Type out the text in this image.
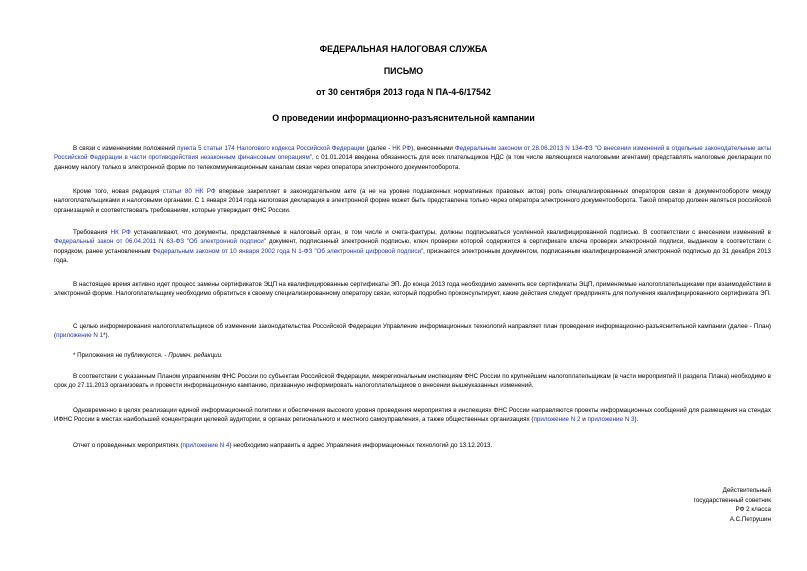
ФЕДЕРАЛЬНАЯ НАЛОГОВАЯ СЛУЖБА
ПИСЬМО
от 30 сентября 2013 года N ПА-4-6/17542
О проведении информационно-разъяснительной кампании

В связи с изменениями положений пункта 5 статьи 174 Налогового кодекса Российской Федерации (далее - НК РФ), внесенными Федеральным законом от 28.06.2013 N 134-ФЗ "О внесении изменений в отдельные законодательные акты Российской Федерации в части противодействия незаконным финансовым операциям", с 01.01.2014 введена обязанность для всех плательщиков НДС (в том числе являющихся налоговыми агентами) представлять налоговые декларации по данному налогу только в электронной форме по телекоммуникационным каналам связи через оператора электронного документооборота.

Кроме того, новая редакция статьи 80 НК РФ впервые закрепляет в законодательном акте (а не на уровне подзаконных нормативных правовых актов) роль специализированных операторов связи в документообороте между налогоплательщиками и налоговыми органами. С 1 января 2014 года налоговая декларация в электронной форме может быть представлена только через оператора электронного документооборота. Такой оператор должен являться российской организацией и соответствовать требованиям, которые утверждает ФНС России.

Требования НК РФ устанавливают, что документы, представляемые в налоговый орган, в том числе и счета-фактуры, должны подписываться усиленной квалифицированной подписью. В соответствии с внесением изменений в Федеральный закон от 06.04.2011 N 63-ФЗ "Об электронной подписи" документ, подписанный электронной подписью, ключ проверки которой содержится в сертификате ключа проверки электронной подписи, выданном в соответствии с порядком, ранее установленным Федеральным законом от 10 января 2002 года N 1-ФЗ "Об электронной цифровой подписи", признается электронным документом, подписанным квалифицированной электронной подписью до 31 декабря 2013 года.

В настоящее время активно идет процесс замены сертификатов ЭЦП на квалифицированные сертификаты ЭП. До конца 2013 года необходимо заменить все сертификаты ЭЦП, применяемые налогоплательщиками при взаимодействии в электронной форме. Налогоплательщику необходимо обратиться к своему специализированному оператору связи, который подробно проконсультирует, какие действия следует предпринять для получения квалифицированного сертификата ЭП.

С целью информирования налогоплательщиков об изменении законодательства Российской Федерации Управление информационных технологий направляет план проведения информационно-разъяснительной кампании (далее - План) (приложение N 1*).

* Приложения не публикуются. - Примеч. редакции.

В соответствии с указанным Планом управлениям ФНС России по субъектам Российской Федерации, межрегиональным инспекциям ФНС России по крупнейшим налогоплательщикам (в части мероприятий II раздела Плана) необходимо в срок до 27.11.2013 организовать и провести информационную кампанию, призванную информировать налогоплательщиков о внесении вышеуказанных изменений.

Одновременно в целях реализации единой информационной политики и обеспечения высокого уровня проведения мероприятия в инспекциях ФНС России направляются проекты информационных сообщений для размещения на стендах ИФНС России в местах наибольшей концентрации целевой аудитории, в органах регионального и местного самоуправления, а также общественных организациях (приложение N 2 и приложение N 3).

Отчет о проведенных мероприятиях (приложение N 4) необходимо направить в адрес Управления информационных технологий до 13.12.2013.

Действительный
государственный советник
РФ 2 класса
А.С.Петрушин
